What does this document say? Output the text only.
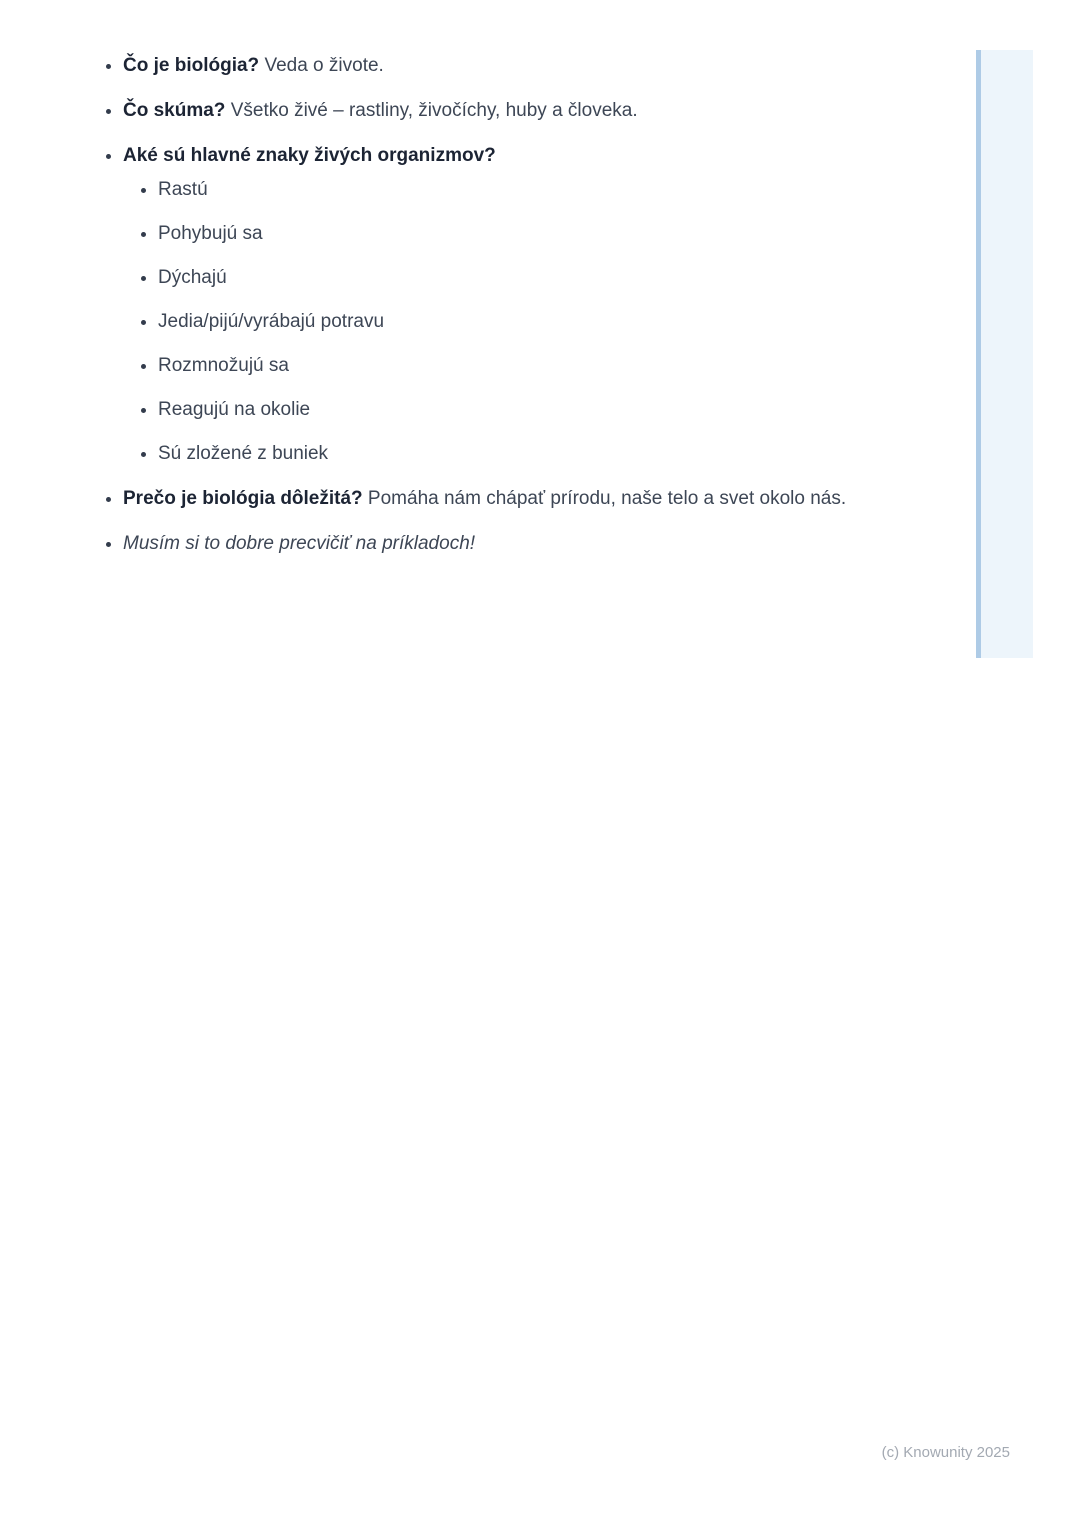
• Čo je biológia? Veda o živote.
• Čo skúma? Všetko živé – rastliny, živočíchy, huby a človeka.
• Aké sú hlavné znaky živých organizmov?
• Rastú
• Pohybujú sa
• Dýchajú
• Jedia/pijú/vyrábajú potravu
• Rozmnožujú sa
• Reagujú na okolie
• Sú zložené z buniek
• Prečo je biológia dôležitá? Pomáha nám chápať prírodu, naše telo a svet okolo nás.
• Musím si to dobre precvičiť na príkladoch!
(c) Knowunity 2025
